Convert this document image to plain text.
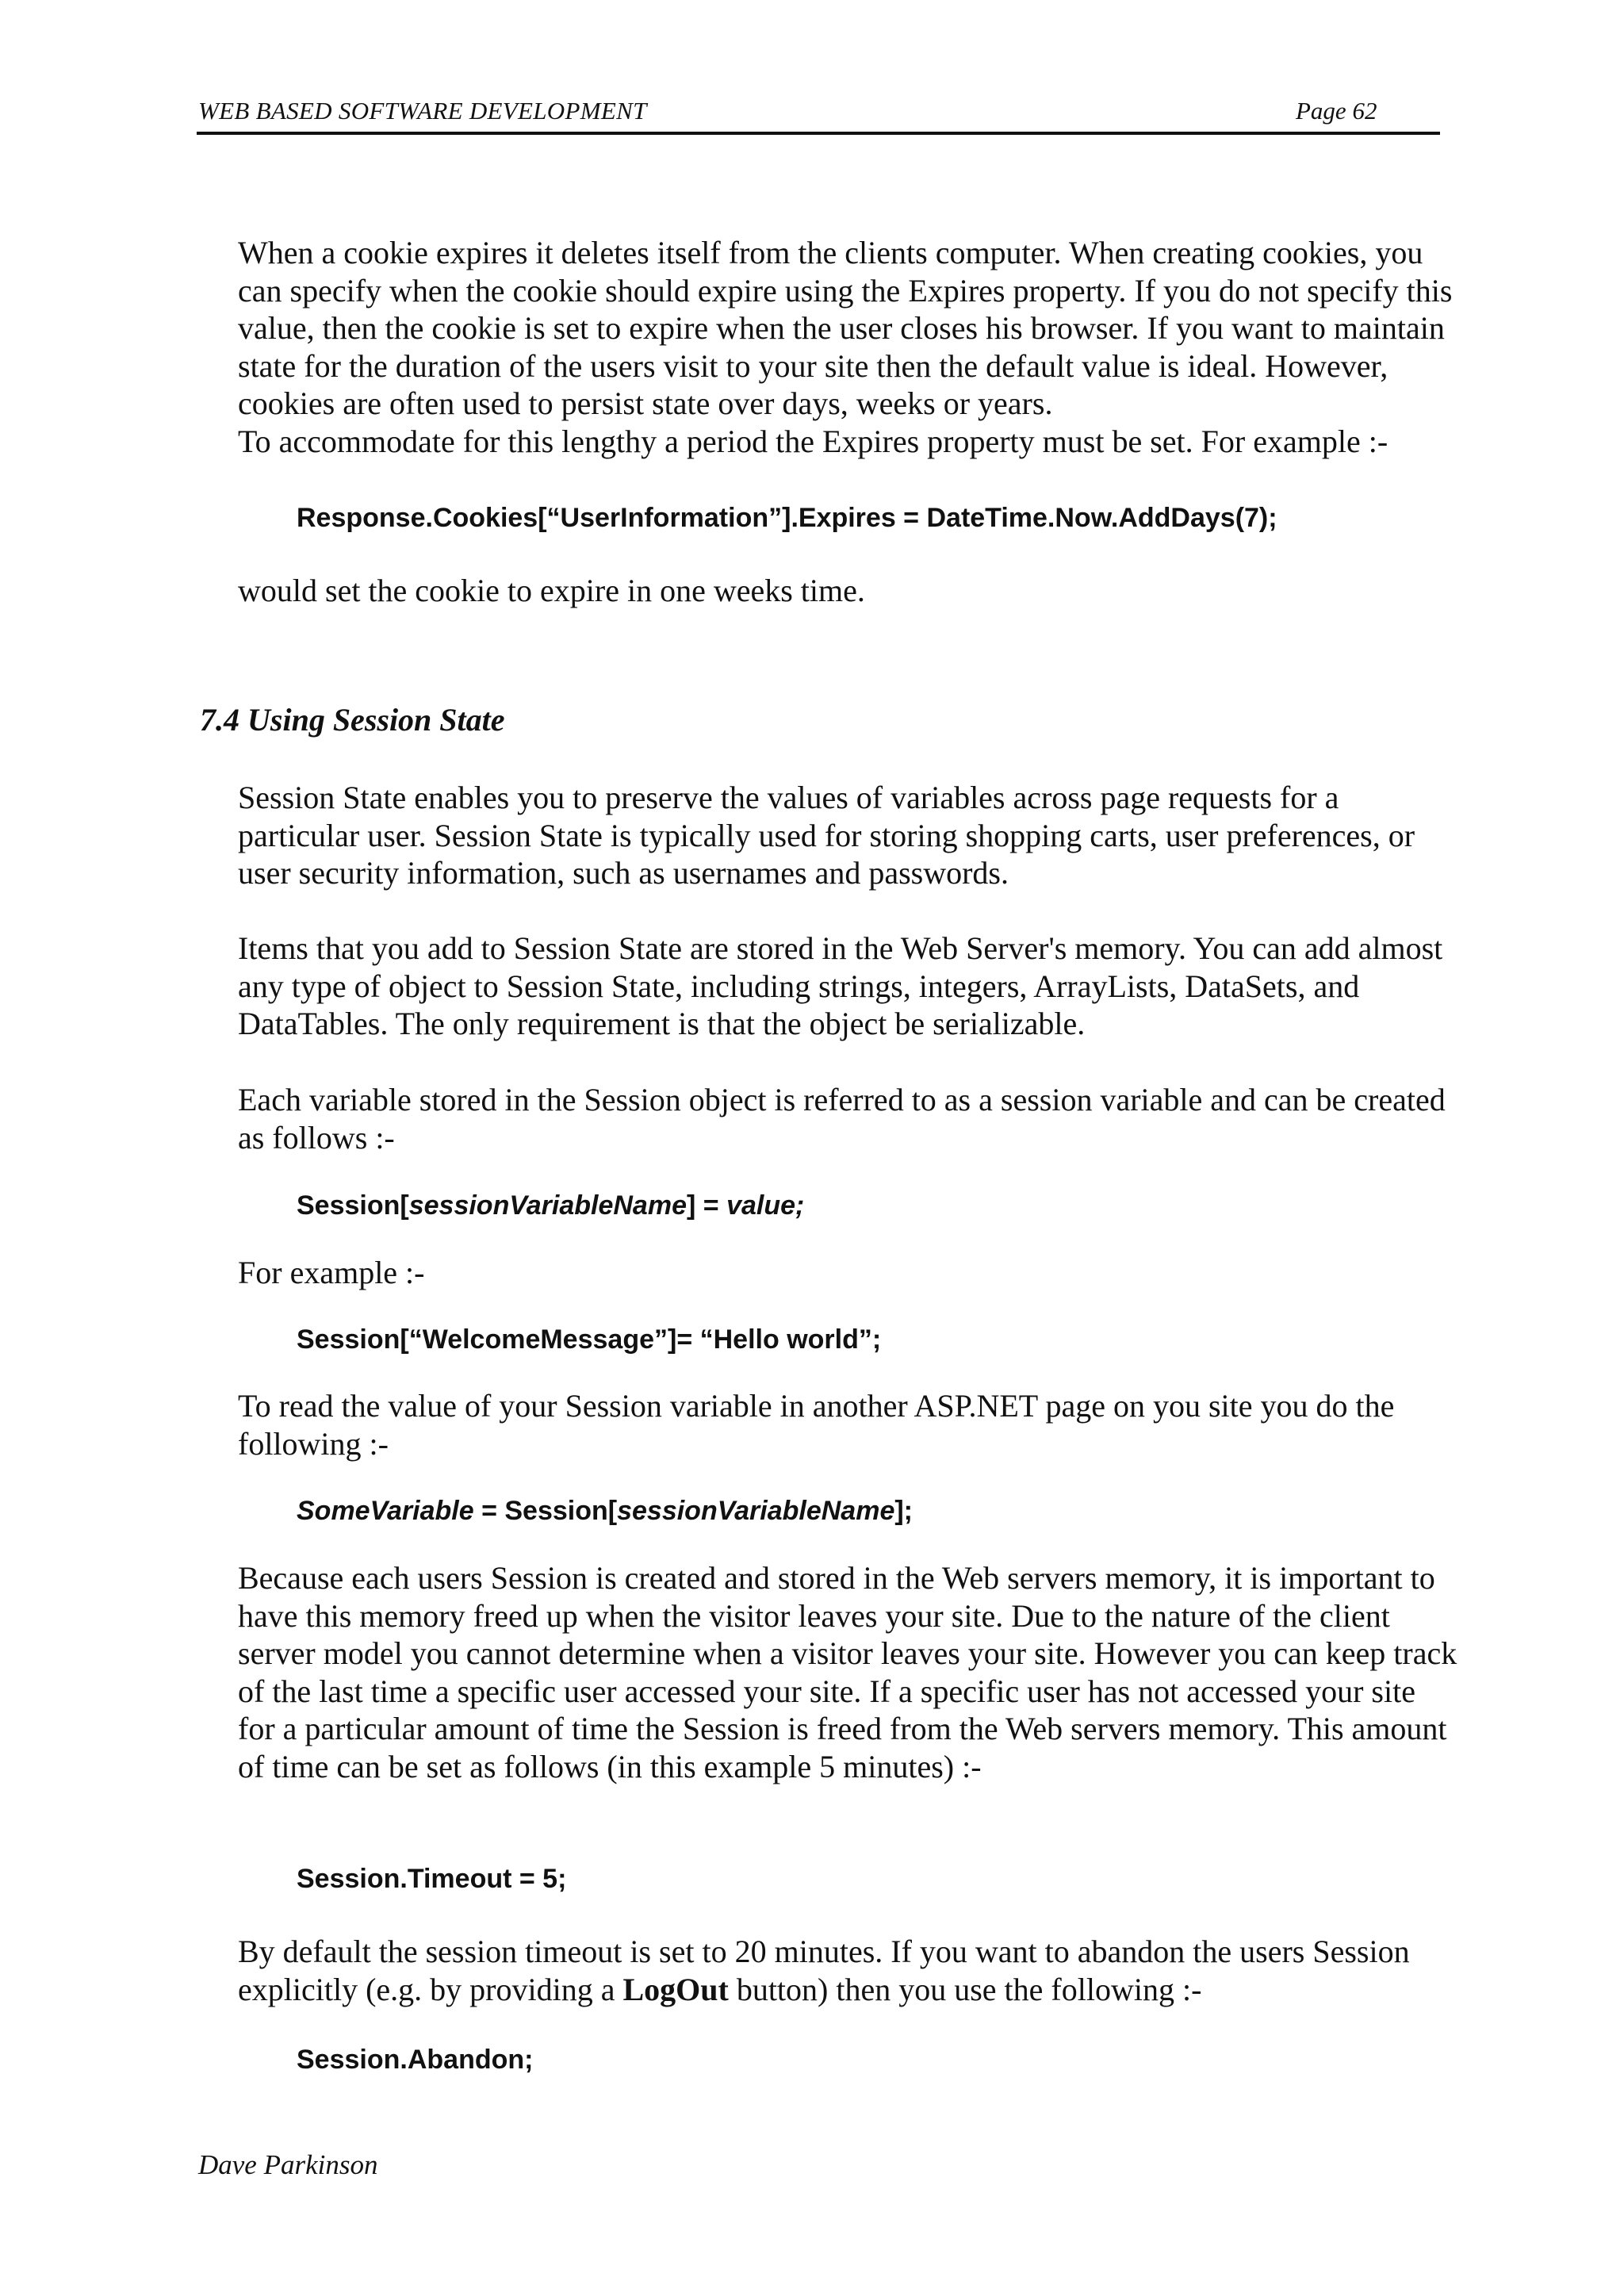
WEB BASED SOFTWARE DEVELOPMENT	Page 62

When a cookie expires it deletes itself from the clients computer. When creating cookies, you can specify when the cookie should expire using the Expires property. If you do not specify this value, then the cookie is set to expire when the user closes his browser. If you want to maintain state for the duration of the users visit to your site then the default value is ideal. However, cookies are often used to persist state over days, weeks or years.
To accommodate for this lengthy a period the Expires property must be set. For example :-

Response.Cookies[“UserInformation”].Expires = DateTime.Now.AddDays(7);

would set the cookie to expire in one weeks time.

7.4 Using Session State

Session State enables you to preserve the values of variables across page requests for a particular user. Session State is typically used for storing shopping carts, user preferences, or user security information, such as usernames and passwords.

Items that you add to Session State are stored in the Web Server's memory. You can add almost any type of object to Session State, including strings, integers, ArrayLists, DataSets, and DataTables. The only requirement is that the object be serializable.

Each variable stored in the Session object is referred to as a session variable and can be created as follows :-

Session[sessionVariableName] = value;

For example :-

Session[“WelcomeMessage”]= “Hello world”;

To read the value of your Session variable in another ASP.NET page on you site you do the following :-

SomeVariable = Session[sessionVariableName];

Because each users Session is created and stored in the Web servers memory, it is important to have this memory freed up when the visitor leaves your site. Due to the nature of the client server model you cannot determine when a visitor leaves your site. However you can keep track of the last time a specific user accessed your site. If a specific user has not accessed your site for a particular amount of time the Session is freed from the Web servers memory. This amount of time can be set as follows (in this example 5 minutes) :-

Session.Timeout = 5;

By default the session timeout is set to 20 minutes. If you want to abandon the users Session explicitly (e.g. by providing a LogOut button) then you use the following :-

Session.Abandon;
Dave Parkinson
